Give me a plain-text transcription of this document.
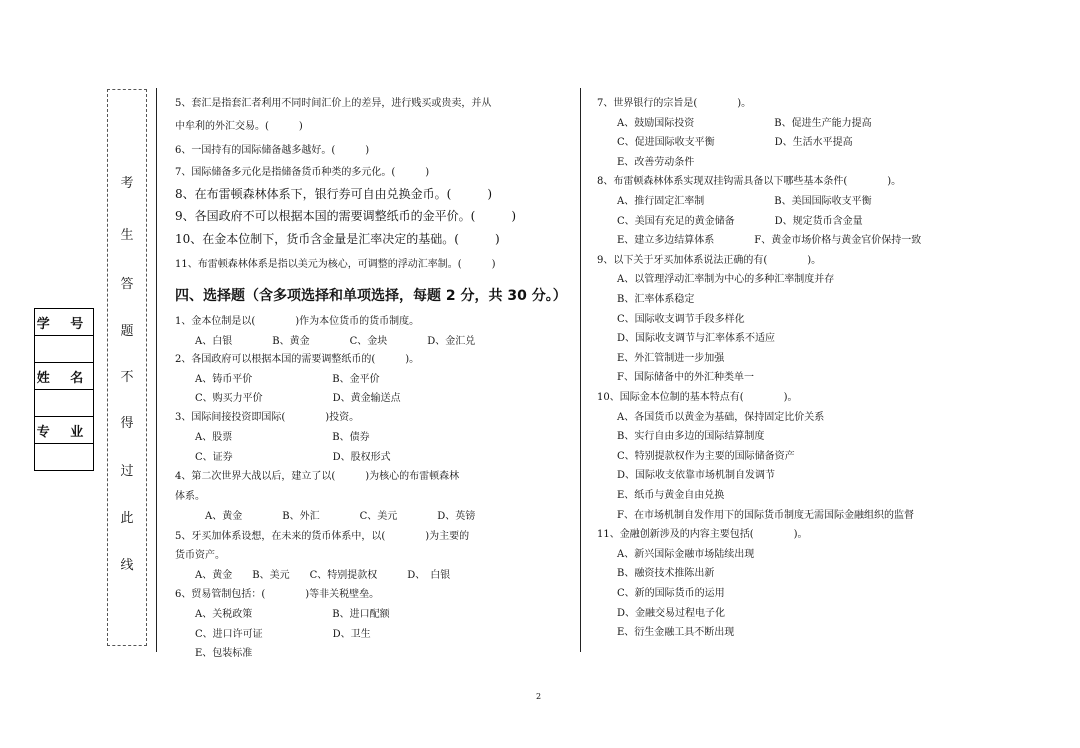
学 号

姓 名

专 业

考
生
答
题
不
得
过
此
线
5、套汇是指套汇者利用不同时间汇价上的差异，进行贱买或贵卖，并从
中牟利的外汇交易。(　　　)
6、一国持有的国际储备越多越好。(　　　)
7、国际储备多元化是指储备货币种类的多元化。(　　　)
8、在布雷顿森林体系下，银行券可自由兑换金币。(　　　)
9、各国政府不可以根据本国的需要调整纸币的金平价。(　　　)
10、在金本位制下，货币含金量是汇率决定的基础。(　　　)
11、布雷顿森林体系是指以美元为核心，可调整的浮动汇率制。(　　　)
四、选择题（含多项选择和单项选择，每题 2 分，共 30 分。）
1、金本位制是以(　　　　)作为本位货币的货币制度。
　　A、白银　　　　B、黄金　　　　C、金块　　　　D、金汇兑
2、各国政府可以根据本国的需要调整纸币的(　　　)。
　　A、铸币平价　　　　　　　　B、金平价
　　C、购买力平价　　　　　　　D、黄金输送点
3、国际间接投资即国际(　　　　)投资。
　　A、股票　　　　　　　　　　B、债券
　　C、证券　　　　　　　　　　D、股权形式
4、第二次世界大战以后，建立了以(　　　)为核心的布雷顿森林
体系。
　　　A、黄金　　　　B、外汇　　　　C、美元　　　　D、英镑
5、牙买加体系设想，在未来的货币体系中，以(　　　　)为主要的
货币资产。
　　A、黄金　　B、美元　　C、特别提款权　　　D、　白银
6、贸易管制包括：(　　　　)等非关税壁垒。
　　A、关税政策　　　　　　　　B、进口配额
　　C、进口许可证　　　　　　　D、卫生
　　E、包装标准
7、世界银行的宗旨是(　　　　)。
　　A、鼓励国际投资　　　　　　　　B、促进生产能力提高
　　C、促进国际收支平衡　　　　　　D、生活水平提高
　　E、改善劳动条件
8、布雷顿森林体系实现双挂钩需具备以下哪些基本条件(　　　　)。
　　A、推行固定汇率制　　　　　　　B、美国国际收支平衡
　　C、美国有充足的黄金储备　　　　D、规定货币含金量
　　E、建立多边结算体系　　　　F、黄金市场价格与黄金官价保持一致
9、以下关于牙买加体系说法正确的有(　　　　)。
　　A、以管理浮动汇率制为中心的多种汇率制度并存
　　B、汇率体系稳定
　　C、国际收支调节手段多样化
　　D、国际收支调节与汇率体系不适应
　　E、外汇管制进一步加强
　　F、国际储备中的外汇种类单一
10、国际金本位制的基本特点有(　　　　)。
　　A、各国货币以黄金为基础，保持固定比价关系
　　B、实行自由多边的国际结算制度
　　C、特别提款权作为主要的国际储备资产
　　D、国际收支依靠市场机制自发调节
　　E、纸币与黄金自由兑换
　　F、在市场机制自发作用下的国际货币制度无需国际金融组织的监督
11、金融创新涉及的内容主要包括(　　　　)。
　　A、新兴国际金融市场陆续出现
　　B、融资技术推陈出新
　　C、新的国际货币的运用
　　D、金融交易过程电子化
　　E、衍生金融工具不断出现
2
